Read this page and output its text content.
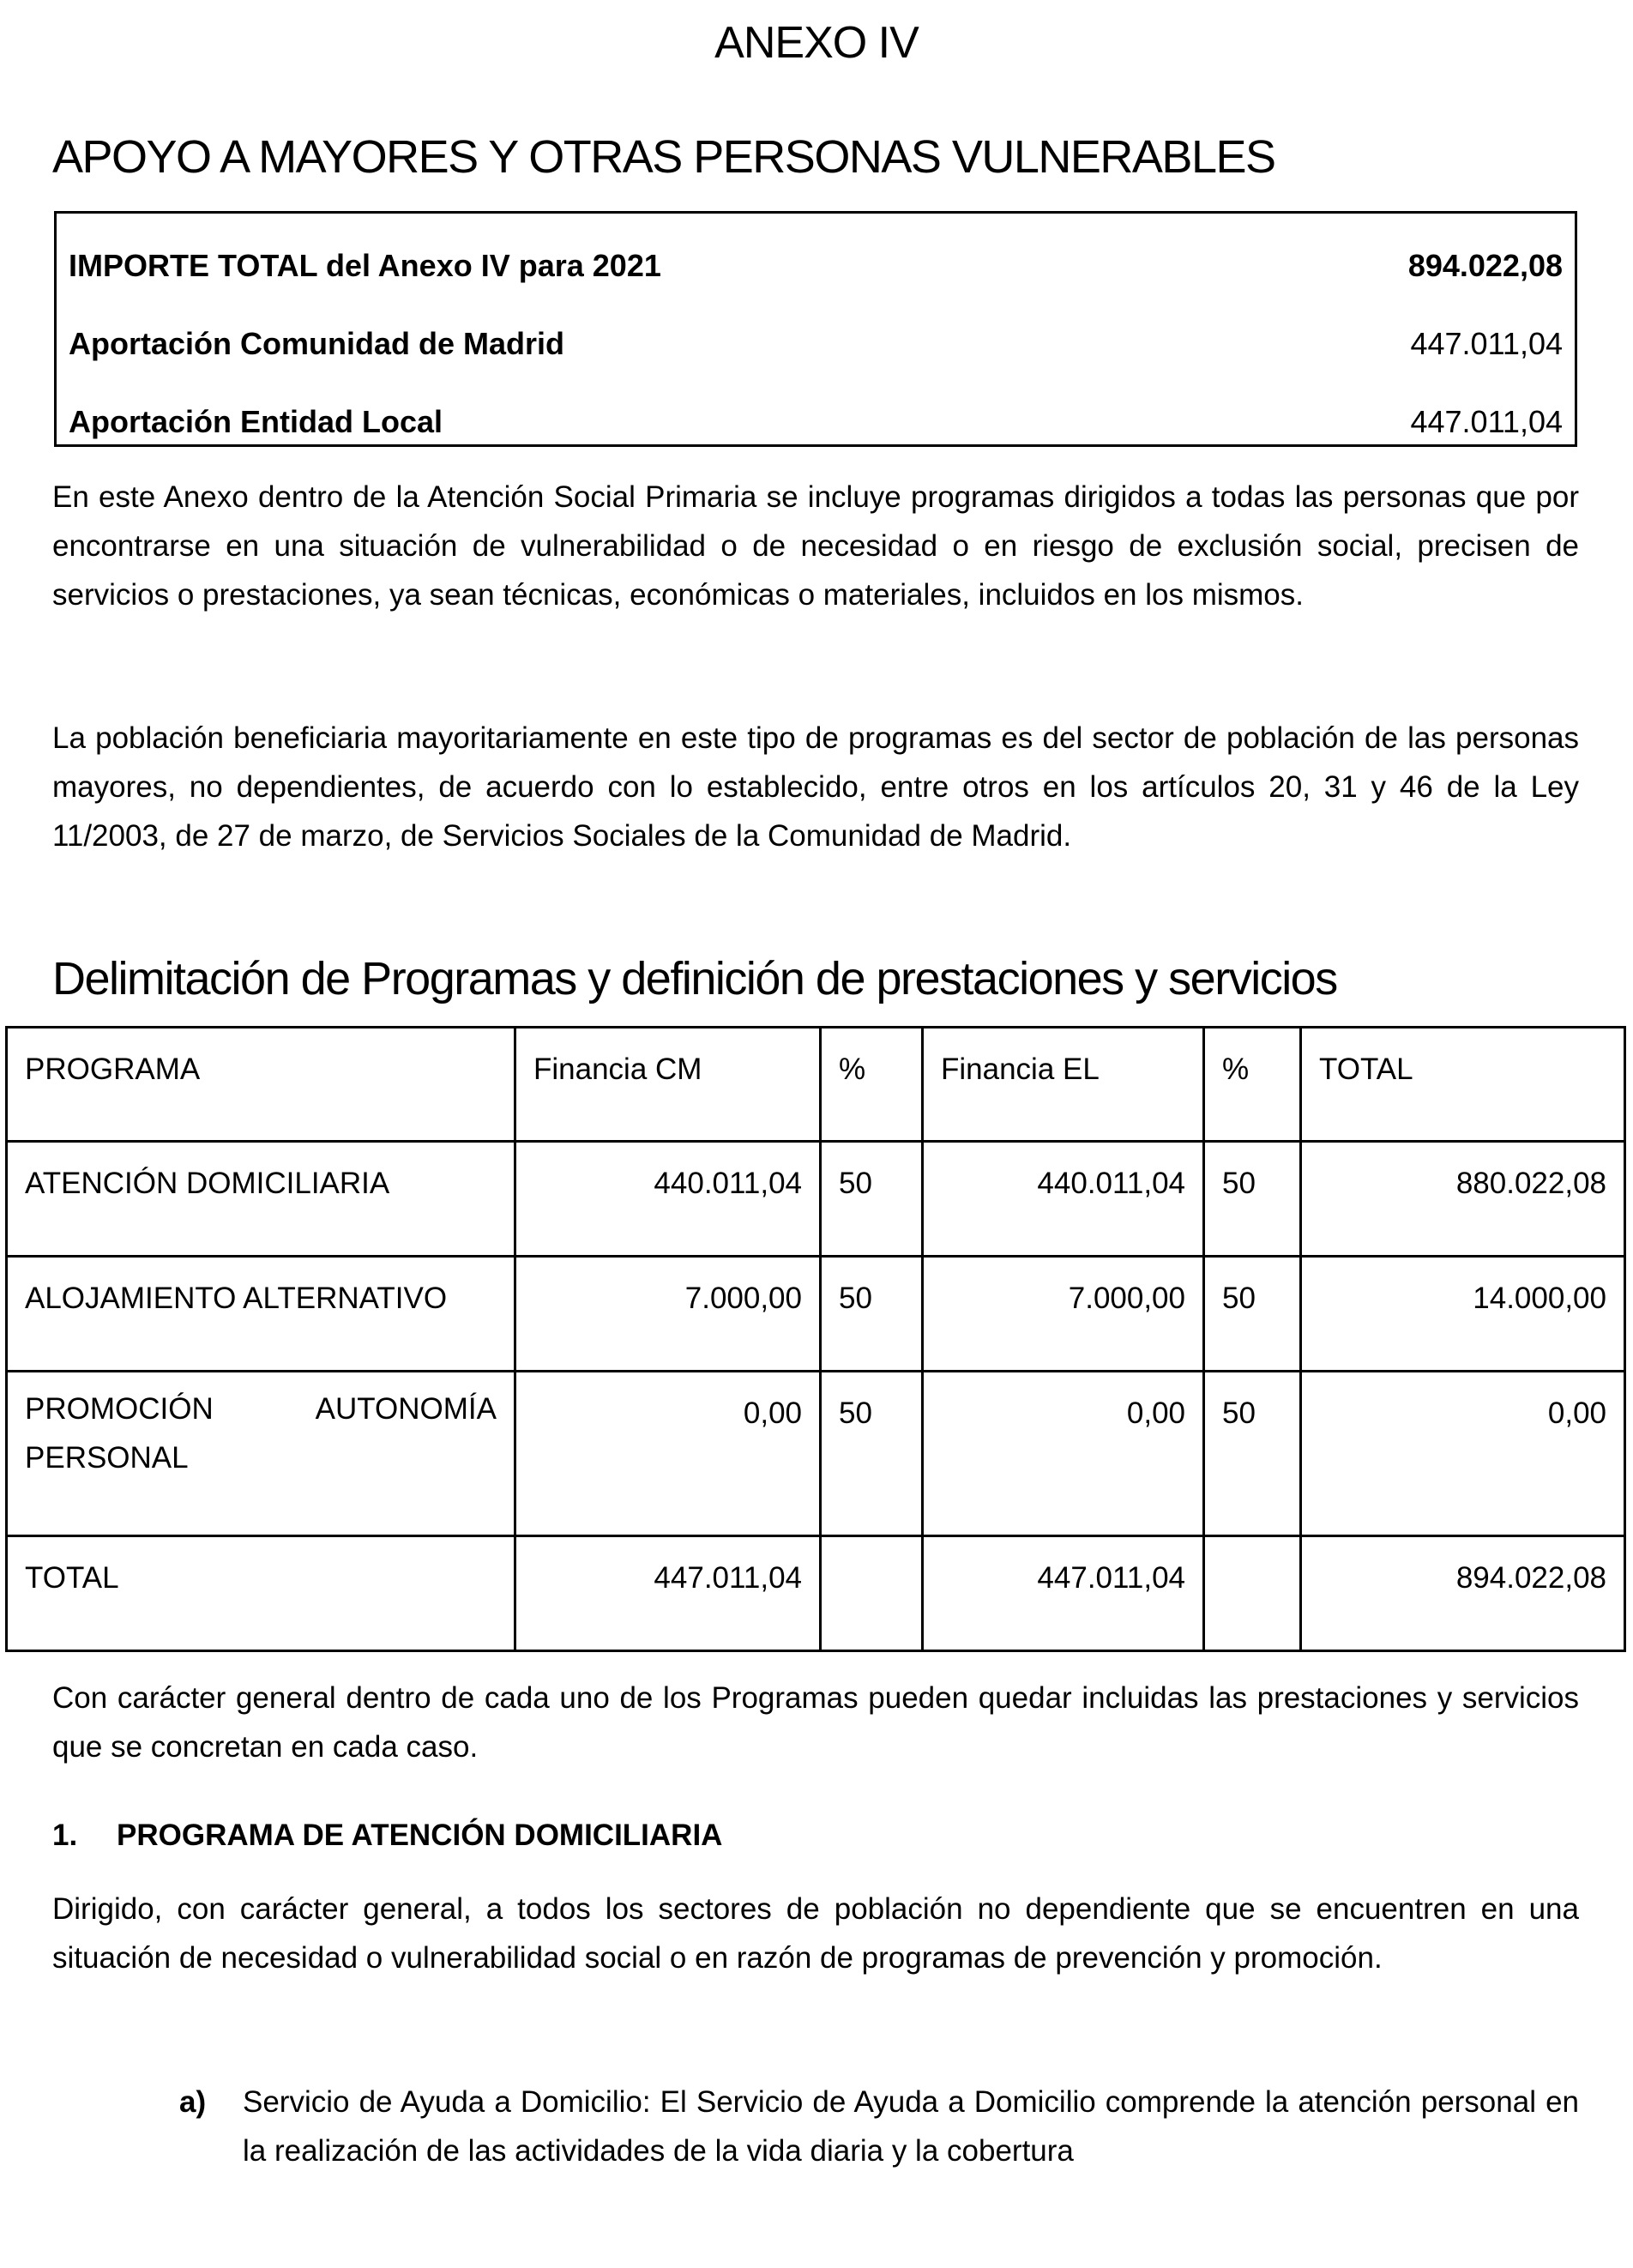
ANEXO IV
APOYO A MAYORES Y OTRAS PERSONAS VULNERABLES
IMPORTE TOTAL del Anexo IV para 2021	894.022,08
Aportación Comunidad de Madrid	447.011,04
Aportación Entidad Local	447.011,04
En este Anexo dentro de la Atención Social Primaria se incluye programas dirigidos a todas las personas que por encontrarse en una situación de vulnerabilidad o de necesidad o en riesgo de exclusión social, precisen de servicios o prestaciones, ya sean técnicas, económicas o materiales, incluidos en los mismos.
La población beneficiaria mayoritariamente en este tipo de programas es del sector de población de las personas mayores, no dependientes, de acuerdo con lo establecido, entre otros en los artículos 20, 31 y 46 de la Ley 11/2003, de 27 de marzo, de Servicios Sociales de la Comunidad de Madrid.
Delimitación de Programas y definición de prestaciones y servicios
PROGRAMA	Financia CM	%	Financia EL	%	TOTAL
ATENCIÓN DOMICILIARIA	440.011,04	50	440.011,04	50	880.022,08
ALOJAMIENTO ALTERNATIVO	7.000,00	50	7.000,00	50	14.000,00
PROMOCIÓN AUTONOMÍA PERSONAL	0,00	50	0,00	50	0,00
TOTAL	447.011,04		447.011,04		894.022,08
Con carácter general dentro de cada uno de los Programas pueden quedar incluidas las prestaciones y servicios que se concretan en cada caso.
1. PROGRAMA DE ATENCIÓN DOMICILIARIA
Dirigido, con carácter general, a todos los sectores de población no dependiente que se encuentren en una situación de necesidad o vulnerabilidad social o en razón de programas de prevención y promoción.
a) Servicio de Ayuda a Domicilio: El Servicio de Ayuda a Domicilio comprende la atención personal en la realización de las actividades de la vida diaria y la cobertura
